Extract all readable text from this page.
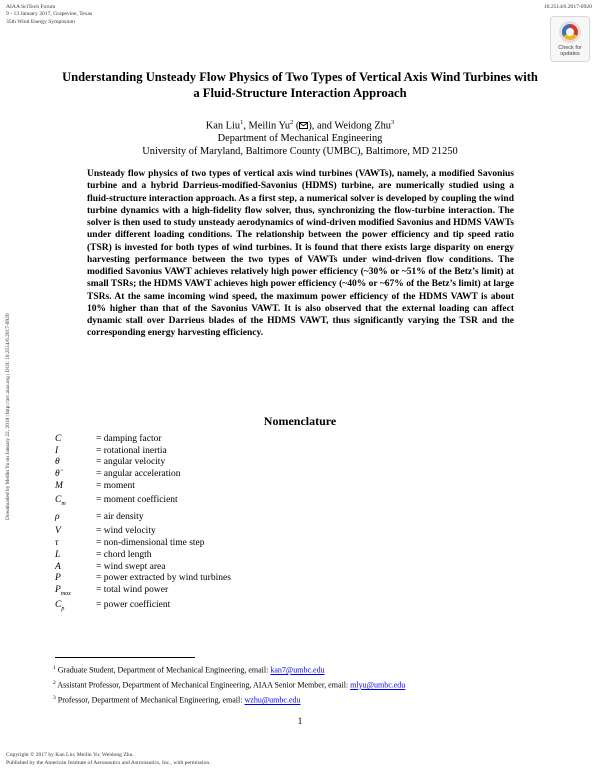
AIAA SciTech Forum
9 - 13 January 2017, Grapevine, Texas
35th Wind Energy Symposium
10.2514/6.2017-0920
Check for
updates
Downloaded by Meilin Yu on January 22, 2018 | http://arc.aiaa.org | DOI: 10.2514/6.2017-0920
Understanding Unsteady Flow Physics of Two Types of Vertical Axis Wind Turbines with a Fluid-Structure Interaction Approach
Kan Liu$^1$, Meilin Yu$^2$ ( ), and Weidong Zhu$^3$
Department of Mechanical Engineering
University of Maryland, Baltimore County (UMBC), Baltimore, MD 21250
Unsteady flow physics of two types of vertical axis wind turbines (VAWTs), namely, a modified Savonius turbine and a hybrid Darrieus-modified-Savonius (HDMS) turbine, are numerically studied using a fluid-structure interaction approach. As a first step, a numerical solver is developed by coupling the wind turbine dynamics with a high-fidelity flow solver, thus, synchronizing the flow-turbine interaction. The solver is then used to study unsteady aerodynamics of wind-driven modified Savonius and HDMS VAWTs under different loading conditions. The relationship between the power efficiency and tip speed ratio (TSR) is invested for both types of wind turbines. It is found that there exists large disparity on energy harvesting performance between the two types of VAWTs under wind-driven flow conditions. The modified Savonius VAWT achieves relatively high power efficiency (~30% or ~51% of the Betz’s limit) at small TSRs; the HDMS VAWT achieves high power efficiency (~40% or ~67% of the Betz’s limit) at large TSRs. At the same incoming wind speed, the maximum power efficiency of the HDMS VAWT is about 10% higher than that of the Savonius VAWT. It is also observed that the external loading can affect dynamic stall over Darrieus blades of the HDMS VAWT, thus significantly varying the TSR and the corresponding energy harvesting efficiency.
Nomenclature
C	= damping factor
I	= rotational inertia
θ	= angular velocity
θ̈	= angular acceleration
M	= moment
$C_m$	= moment coefficient
ρ	= air density
V	= wind velocity
τ	= non-dimensional time step
L	= chord length
A	= wind swept area
P	= power extracted by wind turbines
$P_{max}$	= total wind power
$C_p$	= power coefficient
$^1$ Graduate Student, Department of Mechanical Engineering, email: kan7@umbc.edu
$^2$ Assistant Professor, Department of Mechanical Engineering, AIAA Senior Member, email: mlyu@umbc.edu
$^3$ Professor, Department of Mechanical Engineering, email: wzhu@umbc.edu
1
Copyright © 2017 by Kan Liu; Meilin Yu; Weidong Zhu.
Published by the American Institute of Aeronautics and Astronautics, Inc., with permission.
